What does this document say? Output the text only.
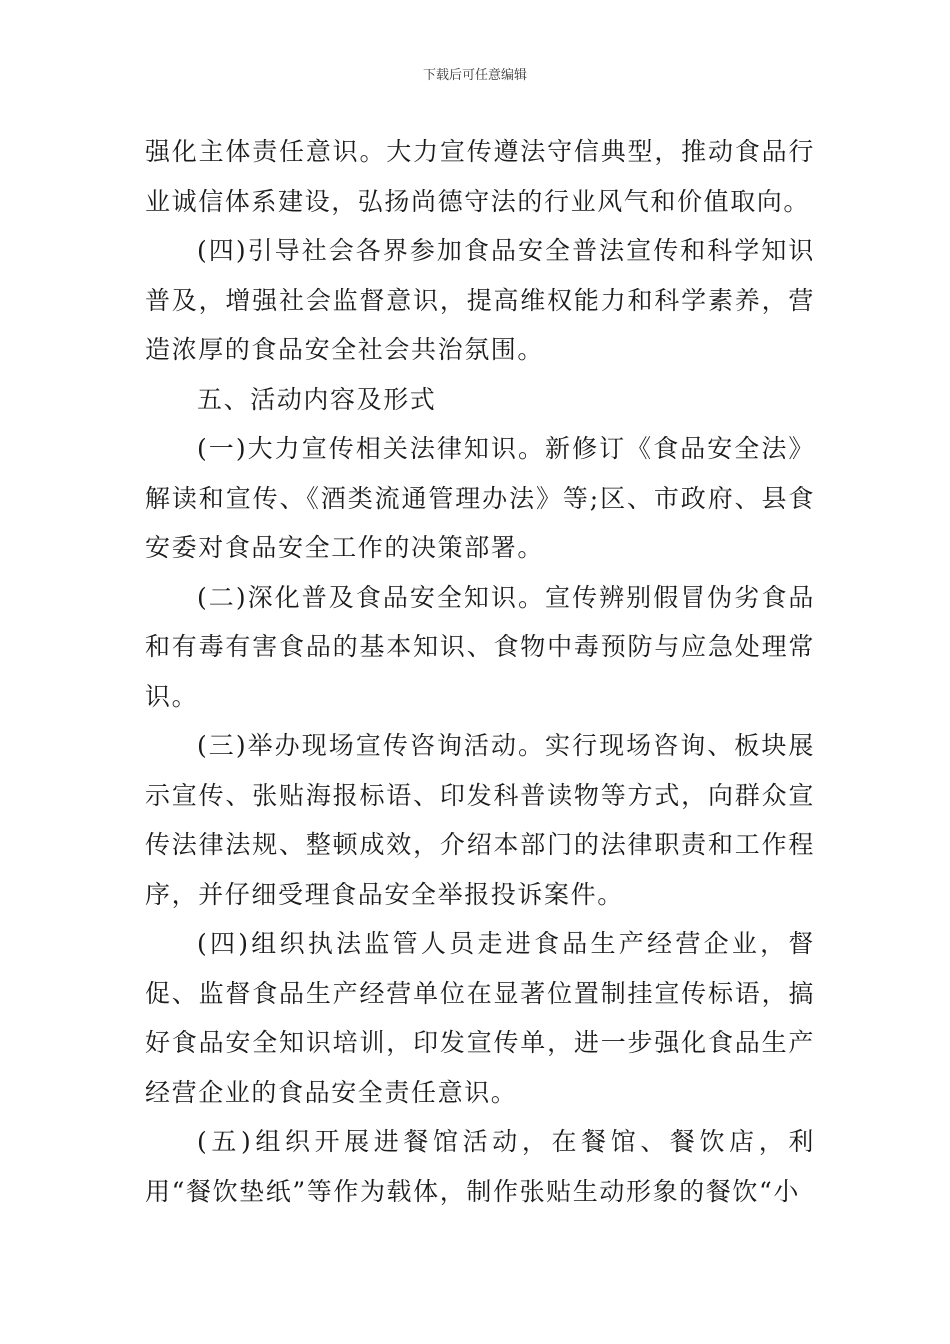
下载后可任意编辑

强化主体责任意识。大力宣传遵法守信典型，推动食品行业诚信体系建设，弘扬尚德守法的行业风气和价值取向。

(四)引导社会各界参加食品安全普法宣传和科学知识普及，增强社会监督意识，提高维权能力和科学素养，营造浓厚的食品安全社会共治氛围。

五、活动内容及形式

(一)大力宣传相关法律知识。新修订《食品安全法》解读和宣传、《酒类流通管理办法》等;区、市政府、县食安委对食品安全工作的决策部署。

(二)深化普及食品安全知识。宣传辨别假冒伪劣食品和有毒有害食品的基本知识、食物中毒预防与应急处理常识。

(三)举办现场宣传咨询活动。实行现场咨询、板块展示宣传、张贴海报标语、印发科普读物等方式，向群众宣传法律法规、整顿成效，介绍本部门的法律职责和工作程序，并仔细受理食品安全举报投诉案件。

(四)组织执法监管人员走进食品生产经营企业，督促、监督食品生产经营单位在显著位置制挂宣传标语，搞好食品安全知识培训，印发宣传单，进一步强化食品生产经营企业的食品安全责任意识。

(五)组织开展进餐馆活动，在餐馆、餐饮店，利用“餐饮垫纸”等作为载体，制作张贴生动形象的餐饮“小
